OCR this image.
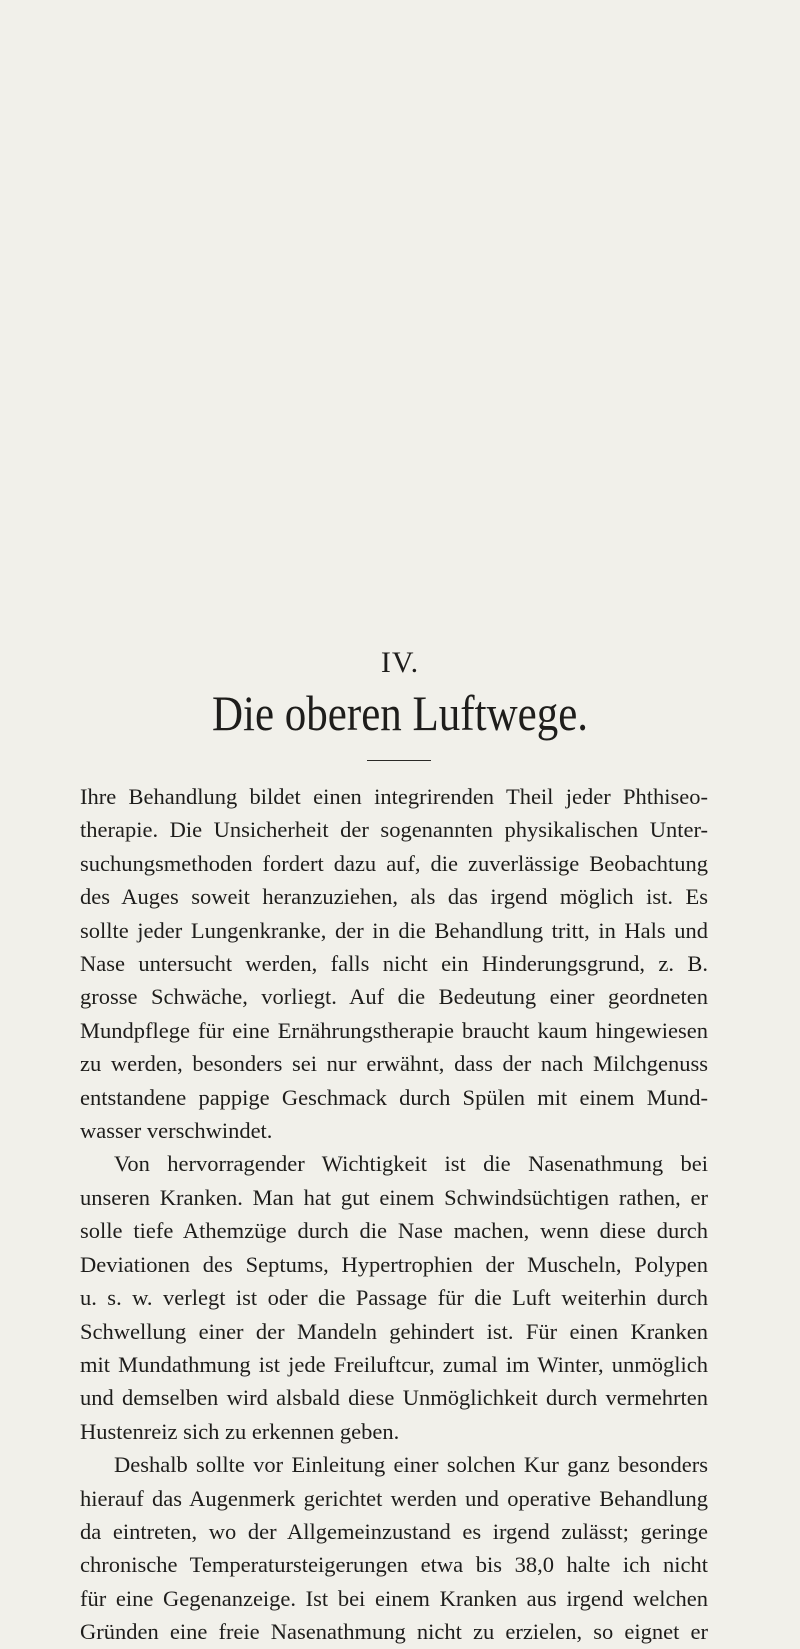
IV.
Die oberen Luftwege.

Ihre Behandlung bildet einen integrirenden Theil jeder Phthiseo-
therapie. Die Unsicherheit der sogenannten physikalischen Unter-
suchungsmethoden fordert dazu auf, die zuverlässige Beobachtung
des Auges soweit heranzuziehen, als das irgend möglich ist. Es
sollte jeder Lungenkranke, der in die Behandlung tritt, in Hals und
Nase untersucht werden, falls nicht ein Hinderungsgrund, z. B.
grosse Schwäche, vorliegt. Auf die Bedeutung einer geordneten
Mundpflege für eine Ernährungstherapie braucht kaum hingewiesen
zu werden, besonders sei nur erwähnt, dass der nach Milchgenuss
entstandene pappige Geschmack durch Spülen mit einem Mund-
wasser verschwindet.

Von hervorragender Wichtigkeit ist die Nasenathmung bei
unseren Kranken. Man hat gut einem Schwindsüchtigen rathen, er
solle tiefe Athemzüge durch die Nase machen, wenn diese durch
Deviationen des Septums, Hypertrophien der Muscheln, Polypen
u. s. w. verlegt ist oder die Passage für die Luft weiterhin durch
Schwellung einer der Mandeln gehindert ist. Für einen Kranken
mit Mundathmung ist jede Freiluftcur, zumal im Winter, unmöglich
und demselben wird alsbald diese Unmöglichkeit durch vermehrten
Hustenreiz sich zu erkennen geben.

Deshalb sollte vor Einleitung einer solchen Kur ganz besonders
hierauf das Augenmerk gerichtet werden und operative Behandlung
da eintreten, wo der Allgemeinzustand es irgend zulässt; geringe
chronische Temperatursteigerungen etwa bis 38,0 halte ich nicht
für eine Gegenanzeige. Ist bei einem Kranken aus irgend welchen
Gründen eine freie Nasenathmung nicht zu erzielen, so eignet er
